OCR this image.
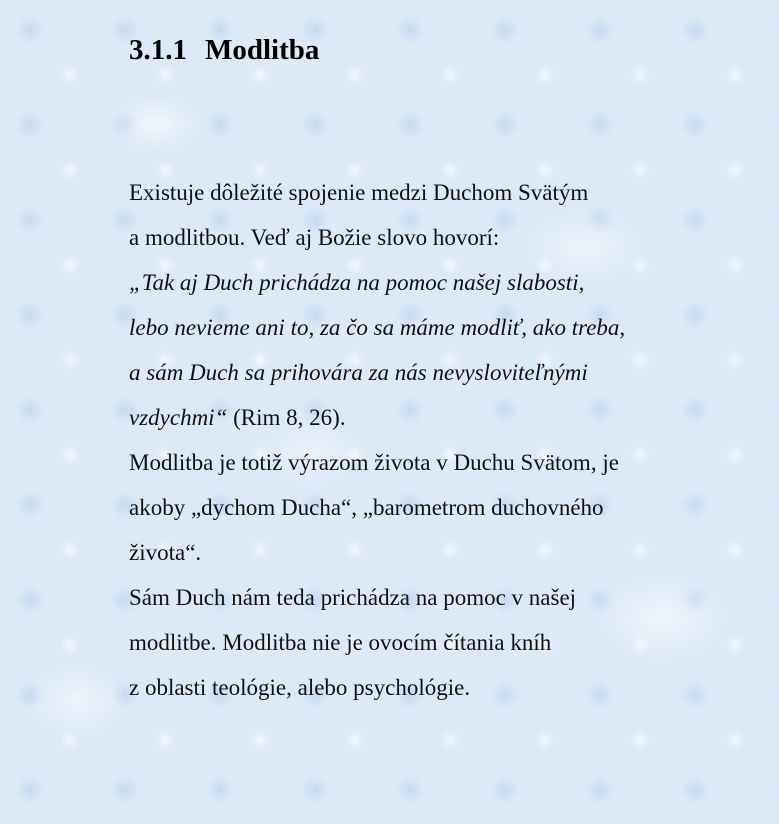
3.1.1 Modlitba
Existuje dôležité spojenie medzi Duchom Svätým
a modlitbou. Veď aj Božie slovo hovorí:
„Tak aj Duch prichádza na pomoc našej slabosti,
lebo nevieme ani to, za čo sa máme modliť, ako treba,
a sám Duch sa prihovára za nás nevysloviteľnými
vzdychmi“ (Rim 8, 26).
Modlitba je totiž výrazom života v Duchu Svätom, je
akoby „dychom Ducha“, „barometrom duchovného
života“.
Sám Duch nám teda prichádza na pomoc v našej
modlitbe. Modlitba nie je ovocím čítania kníh
z oblasti teológie, alebo psychológie.
